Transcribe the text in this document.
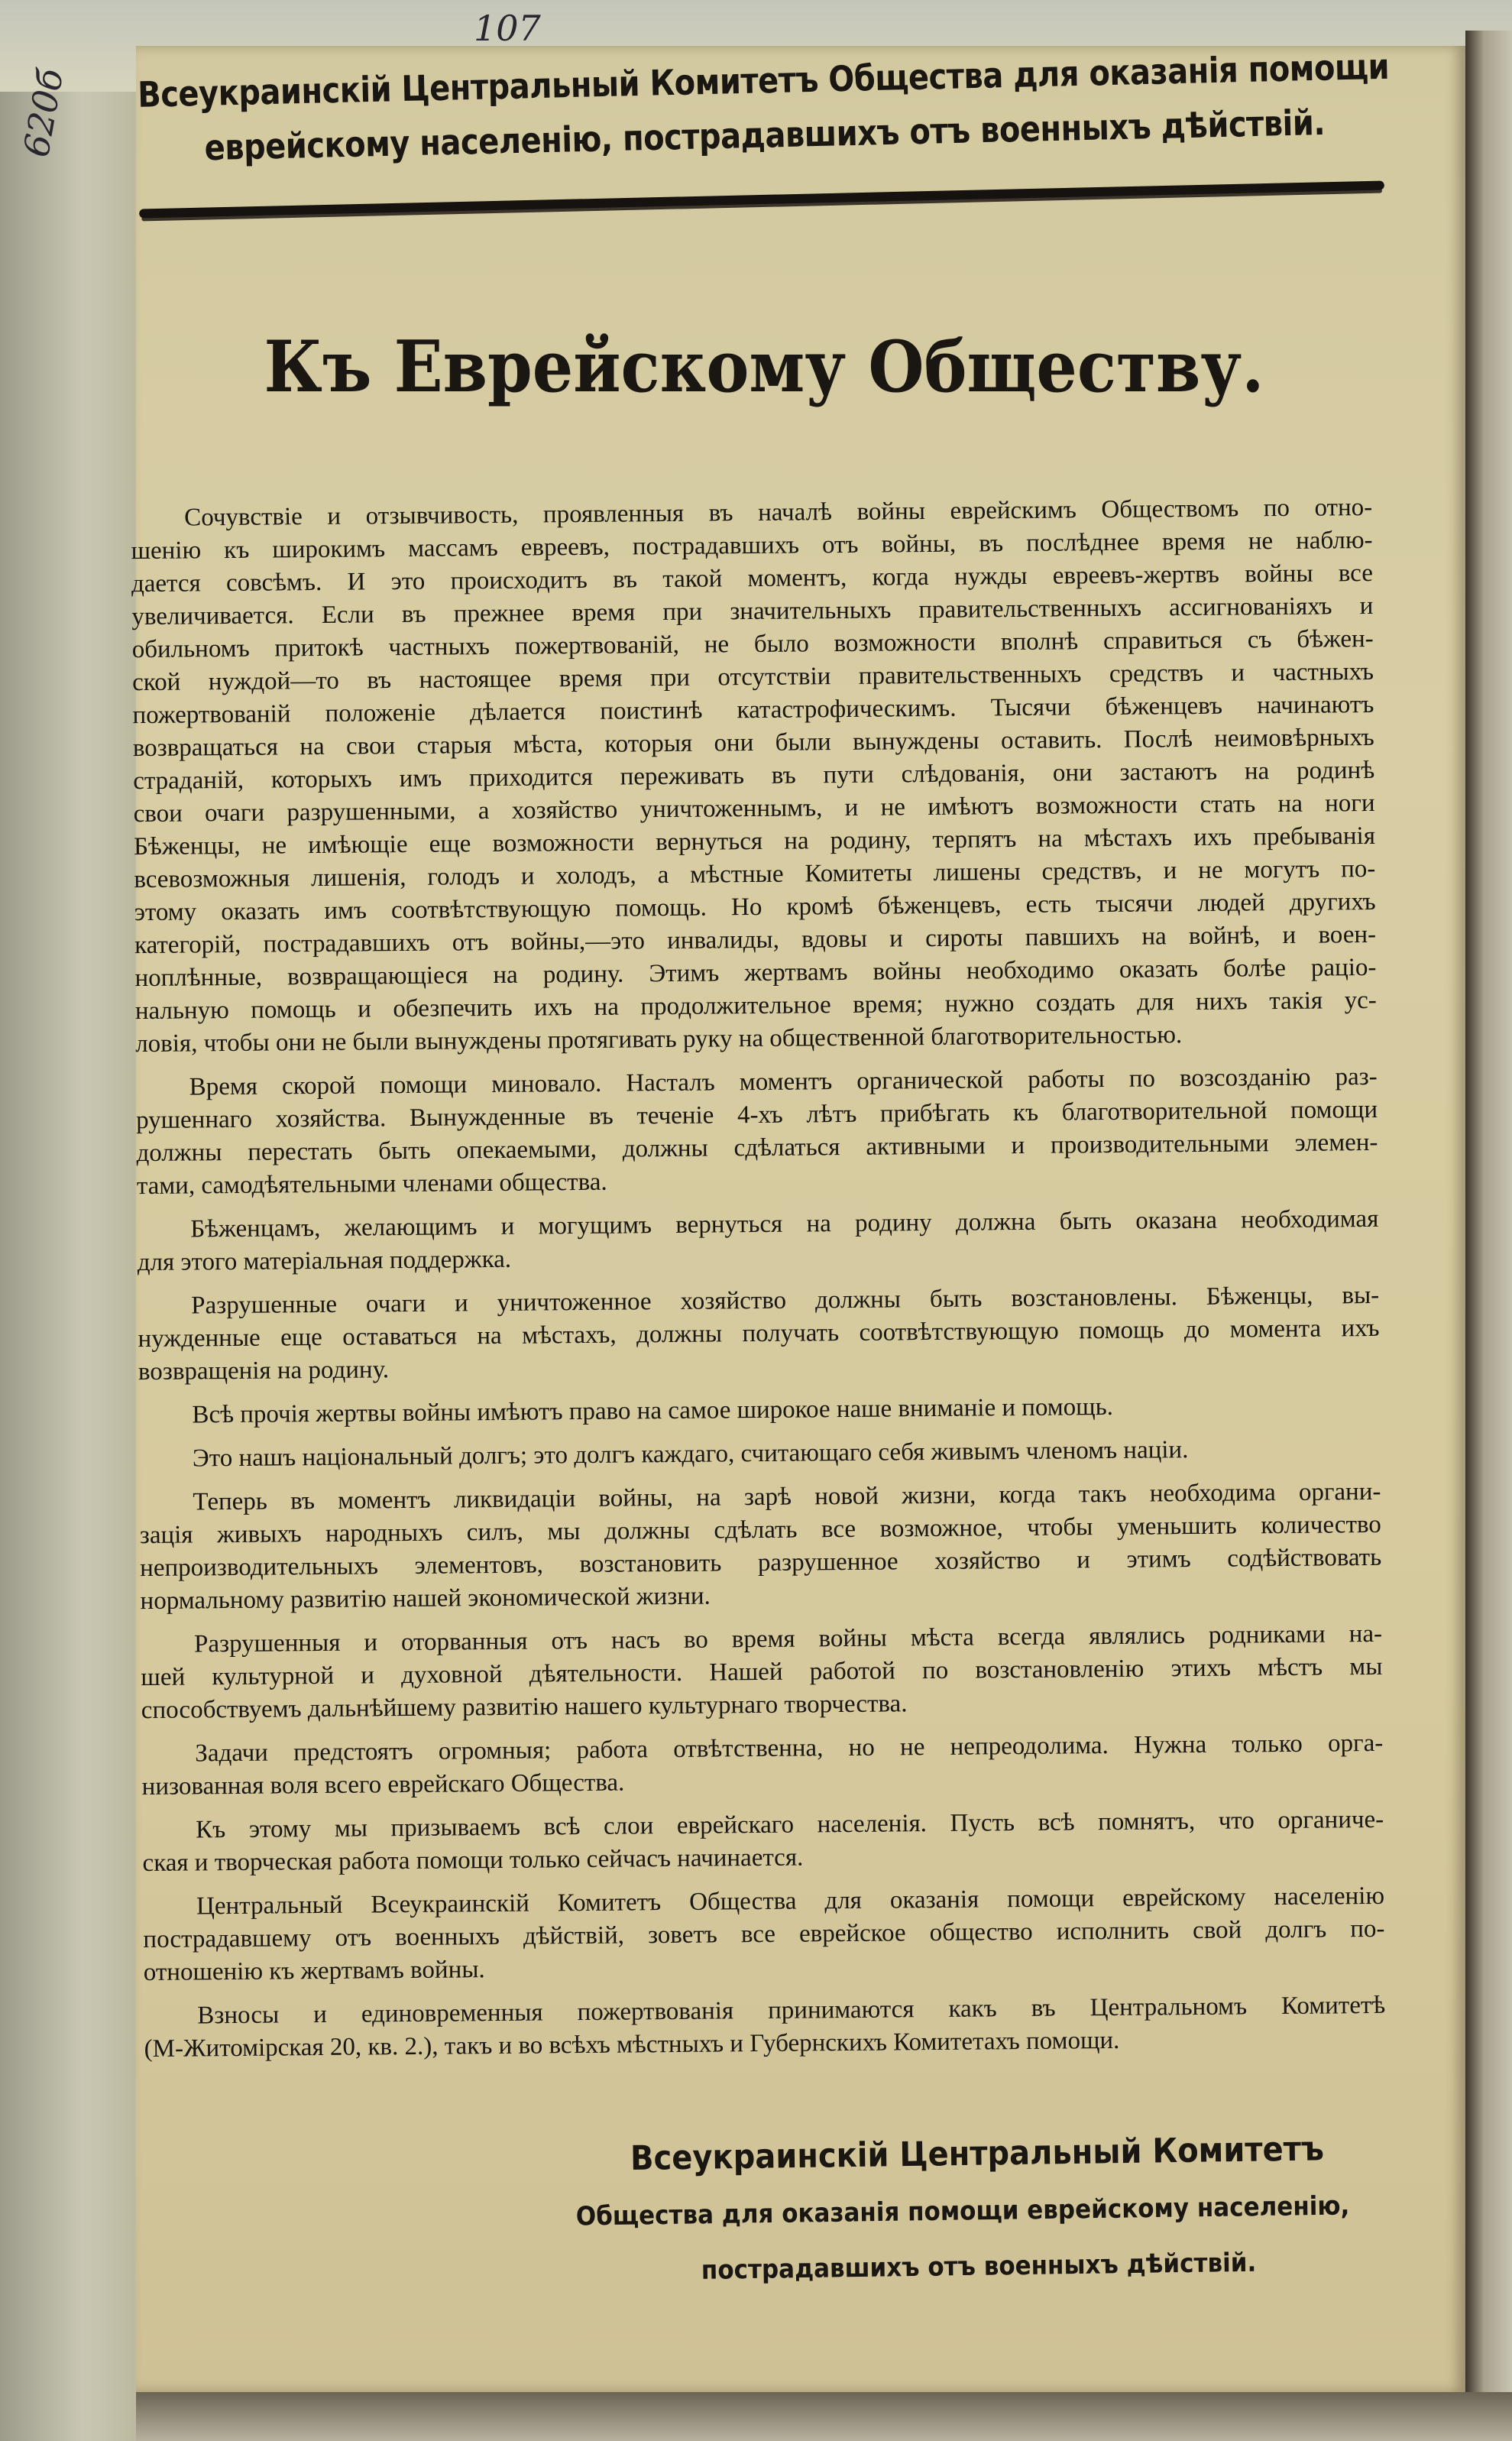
620б
107
Всеукраинскій Центральный Комитетъ Общества для оказанія помощи
еврейскому населенію, пострадавшихъ отъ военныхъ дѣйствій.
Къ Еврейскому Обществу.
Сочувствіе и отзывчивость, проявленныя въ началѣ войны еврейскимъ Обществомъ по отно-
шенію къ широкимъ массамъ евреевъ, пострадавшихъ отъ войны, въ послѣднее время не наблю-
дается совсѣмъ. И это происходитъ въ такой моментъ, когда нужды евреевъ-жертвъ войны все
увеличивается. Если въ прежнее время при значительныхъ правительственныхъ ассигнованіяхъ и
обильномъ притокѣ частныхъ пожертвованій, не было возможности вполнѣ справиться съ бѣжен-
ской нуждой—то въ настоящее время при отсутствіи правительственныхъ средствъ и частныхъ
пожертвованій положеніе дѣлается поистинѣ катастрофическимъ. Тысячи бѣженцевъ начинаютъ
возвращаться на свои старыя мѣста, которыя они были вынуждены оставить. Послѣ неимовѣрныхъ
страданій, которыхъ имъ приходится переживать въ пути слѣдованія, они застаютъ на родинѣ
свои очаги разрушенными, а хозяйство уничтоженнымъ, и не имѣютъ возможности стать на ноги
Бѣженцы, не имѣющіе еще возможности вернуться на родину, терпятъ на мѣстахъ ихъ пребыванія
всевозможныя лишенія, голодъ и холодъ, а мѣстные Комитеты лишены средствъ, и не могутъ по-
этому оказать имъ соотвѣтствующую помощь. Но кромѣ бѣженцевъ, есть тысячи людей другихъ
категорій, пострадавшихъ отъ войны,—это инвалиды, вдовы и сироты павшихъ на войнѣ, и воен-
ноплѣнные, возвращающіеся на родину. Этимъ жертвамъ войны необходимо оказать болѣе раціо-
нальную помощь и обезпечить ихъ на продолжительное время; нужно создать для нихъ такія ус-
ловія, чтобы они не были вынуждены протягивать руку на общественной благотворительностью.
Время скорой помощи миновало. Насталъ моментъ органической работы по возсозданію раз-
рушеннаго хозяйства. Вынужденные въ теченіе 4-хъ лѣтъ прибѣгать къ благотворительной помощи
должны перестать быть опекаемыми, должны сдѣлаться активными и производительными элемен-
тами, самодѣятельными членами общества.
Бѣженцамъ, желающимъ и могущимъ вернуться на родину должна быть оказана необходимая
для этого матеріальная поддержка.
Разрушенные очаги и уничтоженное хозяйство должны быть возстановлены. Бѣженцы, вы-
нужденные еще оставаться на мѣстахъ, должны получать соотвѣтствующую помощь до момента ихъ
возвращенія на родину.
Всѣ прочія жертвы войны имѣютъ право на самое широкое наше вниманіе и помощь.
Это нашъ національный долгъ; это долгъ каждаго, считающаго себя живымъ членомъ націи.
Теперь въ моментъ ликвидаціи войны, на зарѣ новой жизни, когда такъ необходима органи-
зація живыхъ народныхъ силъ, мы должны сдѣлать все возможное, чтобы уменьшить количество
непроизводительныхъ элементовъ, возстановить разрушенное хозяйство и этимъ содѣйствовать
нормальному развитію нашей экономической жизни.
Разрушенныя и оторванныя отъ насъ во время войны мѣста всегда являлись родниками на-
шей культурной и духовной дѣятельности. Нашей работой по возстановленію этихъ мѣстъ мы
способствуемъ дальнѣйшему развитію нашего культурнаго творчества.
Задачи предстоятъ огромныя; работа отвѣтственна, но не непреодолима. Нужна только орга-
низованная воля всего еврейскаго Общества.
Къ этому мы призываемъ всѣ слои еврейскаго населенія. Пусть всѣ помнятъ, что органиче-
ская и творческая работа помощи только сейчасъ начинается.
Центральный Всеукраинскій Комитетъ Общества для оказанія помощи еврейскому населенію
пострадавшему отъ военныхъ дѣйствій, зоветъ все еврейское общество исполнить свой долгъ по-
отношенію къ жертвамъ войны.
Взносы и единовременныя пожертвованія принимаются какъ въ Центральномъ Комитетѣ
(М-Житомірская 20, кв. 2.), такъ и во всѣхъ мѣстныхъ и Губернскихъ Комитетахъ помощи.
Всеукраинскій Центральный Комитетъ
Общества для оказанія помощи еврейскому населенію,
пострадавшихъ отъ военныхъ дѣйствій.
